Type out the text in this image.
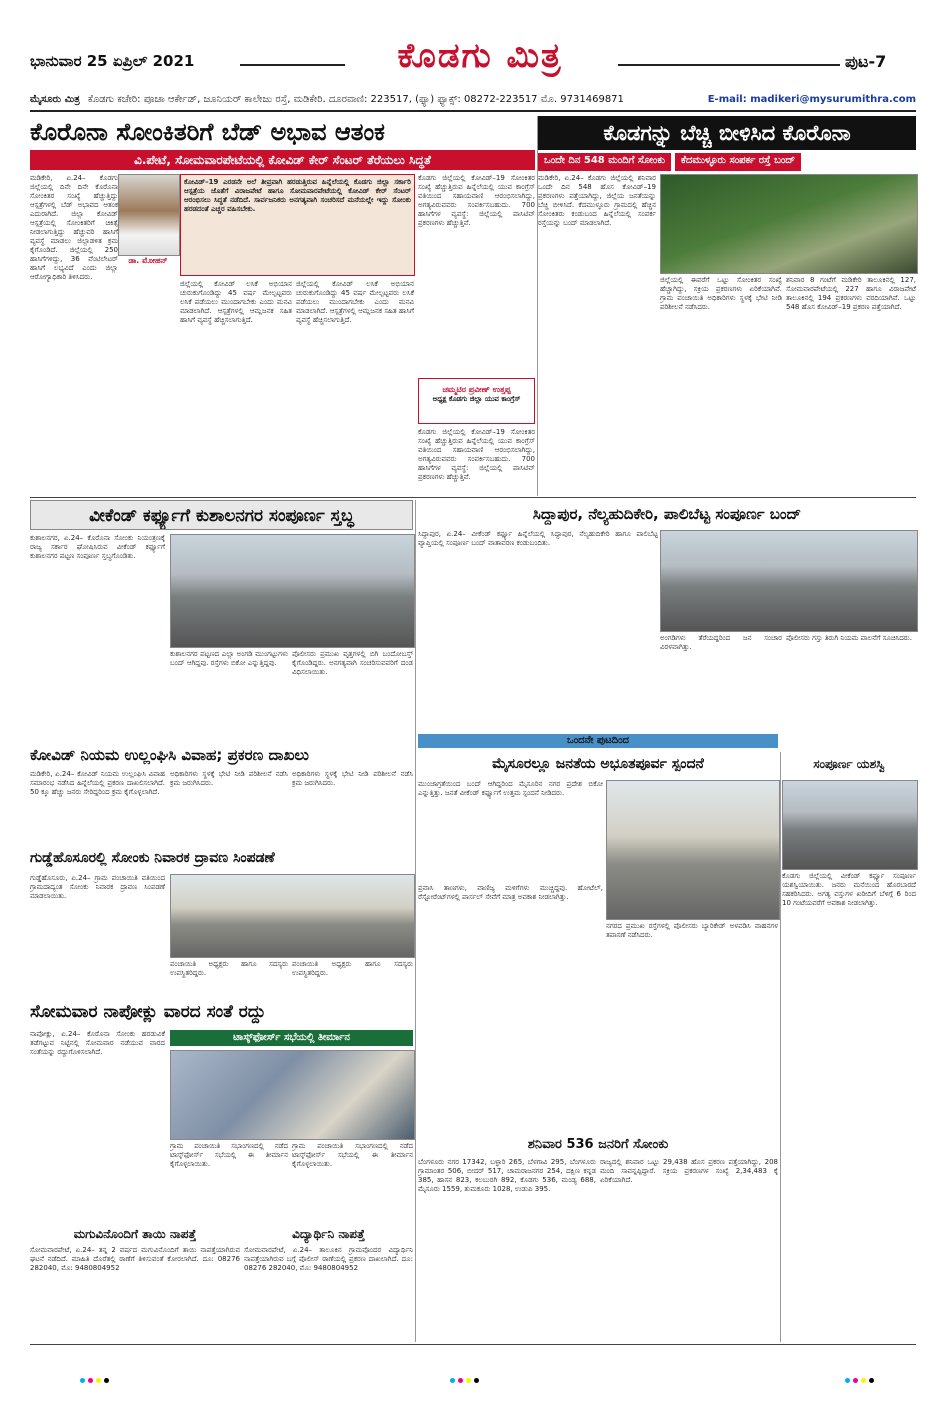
ಭಾನುವಾರ 25 ಏಪ್ರಿಲ್ 2021	ಕೊಡಗು ಮಿತ್ರ	ಪುಟ-7
ಮೈಸೂರು ಮಿತ್ರ ಕೊಡಗು ಕಚೇರಿ: ಪೂಜಾ ಆರ್ಕೇಡ್, ಜೂನಿಯರ್ ಕಾಲೇಜು ರಸ್ತೆ, ಮಡಿಕೇರಿ. ದೂರವಾಣಿ: 223517, (ಫ್ಯಾ) ಫ್ಯಾಕ್ಸ್: 08272-223517 ಮೊ. 9731469871	E-mail: madikeri@mysurumithra.com
ಕೊರೊನಾ ಸೋಂಕಿತರಿಗೆ ಬೆಡ್ ಅಭಾವ ಆತಂಕ
ವಿ.ಪೇಟೆ, ಸೋಮವಾರಪೇಟೆಯಲ್ಲಿ ಕೋವಿಡ್ ಕೇರ್ ಸೆಂಟರ್ ತೆರೆಯಲು ಸಿದ್ಧತೆ
ಮಡಿಕೇರಿ, ಏ.24– ಕೊಡಗು ಜಿಲ್ಲೆಯಲ್ಲಿ ದಿನೇ ದಿನೇ ಕೊರೊನಾ ಸೋಂಕಿತರ ಸಂಖ್ಯೆ ಹೆಚ್ಚುತ್ತಿದ್ದು ಆಸ್ಪತ್ರೆಗಳಲ್ಲಿ ಬೆಡ್ ಅಭಾವದ ಆತಂಕ ಎದುರಾಗಿದೆ. ಜಿಲ್ಲಾ ಕೋವಿಡ್ ಆಸ್ಪತ್ರೆಯಲ್ಲಿ ಸೋಂಕಿತರಿಗೆ ಚಿಕಿತ್ಸೆ ನೀಡಲಾಗುತ್ತಿದ್ದು ಹೆಚ್ಚುವರಿ ಹಾಸಿಗೆ ವ್ಯವಸ್ಥೆ ಮಾಡಲು ಜಿಲ್ಲಾಡಳಿತ ಕ್ರಮ ಕೈಗೊಂಡಿದೆ. ಜಿಲ್ಲೆಯಲ್ಲಿ 250 ಹಾಸಿಗೆಗಳಿದ್ದು, 36 ವೆಂಟಿಲೇಟರ್ ಹಾಸಿಗೆ ಲಭ್ಯವಿದೆ ಎಂದು ಜಿಲ್ಲಾ ಆರೋಗ್ಯಾಧಿಕಾರಿ ತಿಳಿಸಿದರು.
ಡಾ. ಮೋಹನ್
ಕೋವಿಡ್–19 ಎರಡನೇ ಅಲೆ ತೀವ್ರವಾಗಿ ಹರಡುತ್ತಿರುವ ಹಿನ್ನೆಲೆಯಲ್ಲಿ ಕೊಡಗು ಜಿಲ್ಲಾ ಸರ್ಕಾರಿ ಆಸ್ಪತ್ರೆಯ ಜೊತೆಗೆ ವಿರಾಜಪೇಟೆ ಹಾಗೂ ಸೋಮವಾರಪೇಟೆಯಲ್ಲಿ ಕೋವಿಡ್ ಕೇರ್ ಸೆಂಟರ್ ಆರಂಭಿಸಲು ಸಿದ್ಧತೆ ನಡೆದಿದೆ. ಸಾರ್ವಜನಿಕರು ಅನಗತ್ಯವಾಗಿ ಸಂಚರಿಸದೆ ಮನೆಯಲ್ಲೇ ಇದ್ದು ಸೋಂಕು ಹರಡದಂತೆ ಎಚ್ಚರ ವಹಿಸಬೇಕು.
ಜಿಲ್ಲೆಯಲ್ಲಿ ಕೋವಿಡ್ ಲಸಿಕೆ ಅಭಿಯಾನ ಚುರುಕುಗೊಂಡಿದ್ದು 45 ವರ್ಷ ಮೇಲ್ಪಟ್ಟವರು ಲಸಿಕೆ ಪಡೆಯಲು ಮುಂದಾಗಬೇಕು ಎಂದು ಮನವಿ ಮಾಡಲಾಗಿದೆ. ಆಸ್ಪತ್ರೆಗಳಲ್ಲಿ ಆಮ್ಲಜನಕ ಸಹಿತ ಹಾಸಿಗೆ ವ್ಯವಸ್ಥೆ ಹೆಚ್ಚಿಸಲಾಗುತ್ತಿದೆ.
ಜಿಲ್ಲೆಯಲ್ಲಿ ಕೋವಿಡ್ ಲಸಿಕೆ ಅಭಿಯಾನ ಚುರುಕುಗೊಂಡಿದ್ದು 45 ವರ್ಷ ಮೇಲ್ಪಟ್ಟವರು ಲಸಿಕೆ ಪಡೆಯಲು ಮುಂದಾಗಬೇಕು ಎಂದು ಮನವಿ ಮಾಡಲಾಗಿದೆ. ಆಸ್ಪತ್ರೆಗಳಲ್ಲಿ ಆಮ್ಲಜನಕ ಸಹಿತ ಹಾಸಿಗೆ ವ್ಯವಸ್ಥೆ ಹೆಚ್ಚಿಸಲಾಗುತ್ತಿದೆ.
ಕೊಡಗು ಜಿಲ್ಲೆಯಲ್ಲಿ ಕೋವಿಡ್–19 ಸೋಂಕಿತರ ಸಂಖ್ಯೆ ಹೆಚ್ಚುತ್ತಿರುವ ಹಿನ್ನೆಲೆಯಲ್ಲಿ ಯುವ ಕಾಂಗ್ರೆಸ್ ವತಿಯಿಂದ ಸಹಾಯವಾಣಿ ಆರಂಭಿಸಲಾಗಿದ್ದು, ಅಗತ್ಯವಿರುವವರು ಸಂಪರ್ಕಿಸಬಹುದು. 700 ಹಾಸಿಗೆಗಳ ವ್ಯವಸ್ಥೆ: ಜಿಲ್ಲೆಯಲ್ಲಿ ಪಾಸಿಟಿವ್ ಪ್ರಕರಣಗಳು ಹೆಚ್ಚುತ್ತಿವೆ.
ಚಮ್ಮಟಿರ ಪ್ರವೀಣ್ ಉತ್ತಪ್ಪ
ಅಧ್ಯಕ್ಷ ಕೊಡಗು ಜಿಲ್ಲಾ ಯುವ ಕಾಂಗ್ರೆಸ್
ಕೊಡಗು ಜಿಲ್ಲೆಯಲ್ಲಿ ಕೋವಿಡ್–19 ಸೋಂಕಿತರ ಸಂಖ್ಯೆ ಹೆಚ್ಚುತ್ತಿರುವ ಹಿನ್ನೆಲೆಯಲ್ಲಿ ಯುವ ಕಾಂಗ್ರೆಸ್ ವತಿಯಿಂದ ಸಹಾಯವಾಣಿ ಆರಂಭಿಸಲಾಗಿದ್ದು, ಅಗತ್ಯವಿರುವವರು ಸಂಪರ್ಕಿಸಬಹುದು. 700 ಹಾಸಿಗೆಗಳ ವ್ಯವಸ್ಥೆ: ಜಿಲ್ಲೆಯಲ್ಲಿ ಪಾಸಿಟಿವ್ ಪ್ರಕರಣಗಳು ಹೆಚ್ಚುತ್ತಿವೆ.
ಕೊಡಗನ್ನು ಬೆಚ್ಚಿ ಬೀಳಿಸಿದ ಕೊರೊನಾ
ಒಂದೇ ದಿನ 548 ಮಂದಿಗೆ ಸೋಂಕು	ಕೆದಮುಳ್ಳೂರು ಸಂಪರ್ಕ ರಸ್ತೆ ಬಂದ್
ಮಡಿಕೇರಿ, ಏ.24– ಕೊಡಗು ಜಿಲ್ಲೆಯಲ್ಲಿ ಶನಿವಾರ ಒಂದೇ ದಿನ 548 ಹೊಸ ಕೋವಿಡ್–19 ಪ್ರಕರಣಗಳು ಪತ್ತೆಯಾಗಿದ್ದು, ಜಿಲ್ಲೆಯ ಜನತೆಯನ್ನು ಬೆಚ್ಚಿ ಬೀಳಿಸಿದೆ. ಕೆದಮುಳ್ಳೂರು ಗ್ರಾಮದಲ್ಲಿ ಹೆಚ್ಚಿನ ಸೋಂಕಿತರು ಕಂಡುಬಂದ ಹಿನ್ನೆಲೆಯಲ್ಲಿ ಸಂಪರ್ಕ ರಸ್ತೆಯನ್ನು ಬಂದ್ ಮಾಡಲಾಗಿದೆ.
ಜಿಲ್ಲೆಯಲ್ಲಿ ಈವರೆಗೆ ಒಟ್ಟು ಸೋಂಕಿತರ ಸಂಖ್ಯೆ ಹೆಚ್ಚಾಗಿದ್ದು, ಸಕ್ರಿಯ ಪ್ರಕರಣಗಳು ಏರಿಕೆಯಾಗಿವೆ. ಗ್ರಾಮ ಪಂಚಾಯಿತಿ ಅಧಿಕಾರಿಗಳು ಸ್ಥಳಕ್ಕೆ ಭೇಟಿ ನೀಡಿ ಪರಿಶೀಲನೆ ನಡೆಸಿದರು.
ಶನಿವಾರ 8 ಗಂಟೆಗೆ ಮಡಿಕೇರಿ ತಾಲೂಕಿನಲ್ಲಿ 127, ಸೋಮವಾರಪೇಟೆಯಲ್ಲಿ 227 ಹಾಗೂ ವಿರಾಜಪೇಟೆ ತಾಲೂಕಿನಲ್ಲಿ 194 ಪ್ರಕರಣಗಳು ವರದಿಯಾಗಿವೆ. ಒಟ್ಟು 548 ಹೊಸ ಕೋವಿಡ್–19 ಪ್ರಕರಣ ಪತ್ತೆಯಾಗಿದೆ.
ವೀಕೆಂಡ್ ಕರ್ಫ್ಯೂಗೆ ಕುಶಾಲನಗರ ಸಂಪೂರ್ಣ ಸ್ತಬ್ಧ
ಕುಶಾಲನಗರ, ಏ.24– ಕೊರೊನಾ ಸೋಂಕು ನಿಯಂತ್ರಣಕ್ಕೆ ರಾಜ್ಯ ಸರ್ಕಾರ ಘೋಷಿಸಿರುವ ವೀಕೆಂಡ್ ಕರ್ಫ್ಯೂಗೆ ಕುಶಾಲನಗರ ಪಟ್ಟಣ ಸಂಪೂರ್ಣ ಸ್ತಬ್ಧಗೊಂಡಿತು.
ಕುಶಾಲನಗರ ಪಟ್ಟಣದ ಎಲ್ಲಾ ಅಂಗಡಿ ಮುಂಗಟ್ಟುಗಳು ಬಂದ್ ಆಗಿದ್ದವು. ರಸ್ತೆಗಳು ಬಿಕೋ ಎನ್ನುತ್ತಿದ್ದವು.
ಪೊಲೀಸರು ಪ್ರಮುಖ ವೃತ್ತಗಳಲ್ಲಿ ಬಿಗಿ ಬಂದೋಬಸ್ತ್ ಕೈಗೊಂಡಿದ್ದರು. ಅನಗತ್ಯವಾಗಿ ಸಂಚರಿಸುವವರಿಗೆ ದಂಡ ವಿಧಿಸಲಾಯಿತು.
ಸಿದ್ದಾಪುರ, ನೆಲ್ಯಹುದಿಕೇರಿ, ಪಾಲಿಬೆಟ್ಟ ಸಂಪೂರ್ಣ ಬಂದ್
ಸಿದ್ದಾಪುರ, ಏ.24– ವೀಕೆಂಡ್ ಕರ್ಫ್ಯೂ ಹಿನ್ನೆಲೆಯಲ್ಲಿ ಸಿದ್ದಾಪುರ, ನೆಲ್ಯಹುದಿಕೇರಿ ಹಾಗೂ ಪಾಲಿಬೆಟ್ಟ ವ್ಯಾಪ್ತಿಯಲ್ಲಿ ಸಂಪೂರ್ಣ ಬಂದ್ ವಾತಾವರಣ ಕಂಡುಬಂದಿತು.
ಅಂಗಡಿಗಳು ತೆರೆಯದ್ದರಿಂದ ಜನ ಸಂಚಾರ ವಿರಳವಾಗಿತ್ತು.
ಪೊಲೀಸರು ಗಸ್ತು ತಿರುಗಿ ನಿಯಮ ಪಾಲನೆಗೆ ಸೂಚಿಸಿದರು.
ಒಂದನೇ ಪುಟದಿಂದ
ಕೋವಿಡ್ ನಿಯಮ ಉಲ್ಲಂಘಿಸಿ ವಿವಾಹ; ಪ್ರಕರಣ ದಾಖಲು
ಮಡಿಕೇರಿ, ಏ.24– ಕೋವಿಡ್ ನಿಯಮ ಉಲ್ಲಂಘಿಸಿ ವಿವಾಹ ಸಮಾರಂಭ ನಡೆಸಿದ ಹಿನ್ನೆಲೆಯಲ್ಲಿ ಪ್ರಕರಣ ದಾಖಲಿಸಲಾಗಿದೆ. 50 ಕ್ಕೂ ಹೆಚ್ಚು ಜನರು ಸೇರಿದ್ದರಿಂದ ಕ್ರಮ ಕೈಗೊಳ್ಳಲಾಗಿದೆ.
ಅಧಿಕಾರಿಗಳು ಸ್ಥಳಕ್ಕೆ ಭೇಟಿ ನೀಡಿ ಪರಿಶೀಲನೆ ನಡೆಸಿ ಕ್ರಮ ಜರುಗಿಸಿದರು.
ಅಧಿಕಾರಿಗಳು ಸ್ಥಳಕ್ಕೆ ಭೇಟಿ ನೀಡಿ ಪರಿಶೀಲನೆ ನಡೆಸಿ ಕ್ರಮ ಜರುಗಿಸಿದರು.
ಗುಡ್ಡೆಹೊಸೂರಲ್ಲಿ ಸೋಂಕು ನಿವಾರಕ ದ್ರಾವಣ ಸಿಂಪಡಣೆ
ಗುಡ್ಡೆಹೊಸೂರು, ಏ.24– ಗ್ರಾಮ ಪಂಚಾಯಿತಿ ವತಿಯಿಂದ ಗ್ರಾಮದಾದ್ಯಂತ ಸೋಂಕು ನಿವಾರಕ ದ್ರಾವಣ ಸಿಂಪಡಣೆ ಮಾಡಲಾಯಿತು.
ಪಂಚಾಯಿತಿ ಅಧ್ಯಕ್ಷರು ಹಾಗೂ ಸದಸ್ಯರು ಉಪಸ್ಥಿತರಿದ್ದರು.
ಪಂಚಾಯಿತಿ ಅಧ್ಯಕ್ಷರು ಹಾಗೂ ಸದಸ್ಯರು ಉಪಸ್ಥಿತರಿದ್ದರು.
ಸೋಮವಾರ ನಾಪೋಕ್ಲು ವಾರದ ಸಂತೆ ರದ್ದು
ಟಾಸ್ಕ್‌ಫೋರ್ಸ್ ಸಭೆಯಲ್ಲಿ ತೀರ್ಮಾನ
ನಾಪೋಕ್ಲು, ಏ.24– ಕೊರೊನಾ ಸೋಂಕು ಹರಡುವಿಕೆ ತಡೆಗಟ್ಟುವ ನಿಟ್ಟಿನಲ್ಲಿ ಸೋಮವಾರ ನಡೆಯುವ ವಾರದ ಸಂತೆಯನ್ನು ರದ್ದುಗೊಳಿಸಲಾಗಿದೆ.
ಗ್ರಾಮ ಪಂಚಾಯಿತಿ ಸಭಾಂಗಣದಲ್ಲಿ ನಡೆದ ಟಾಸ್ಕ್‌ಫೋರ್ಸ್ ಸಭೆಯಲ್ಲಿ ಈ ತೀರ್ಮಾನ ಕೈಗೊಳ್ಳಲಾಯಿತು.
ಗ್ರಾಮ ಪಂಚಾಯಿತಿ ಸಭಾಂಗಣದಲ್ಲಿ ನಡೆದ ಟಾಸ್ಕ್‌ಫೋರ್ಸ್ ಸಭೆಯಲ್ಲಿ ಈ ತೀರ್ಮಾನ ಕೈಗೊಳ್ಳಲಾಯಿತು.
ಮೈಸೂರಲ್ಲೂ ಜನತೆಯ ಅಭೂತಪೂರ್ವ ಸ್ಪಂದನೆ
ಮುಂಜಾಗ್ರತೆಯಿಂದ ಬಂದ್ ಆಗಿದ್ದರಿಂದ ಮೈಸೂರಿನ ನಗರ ಪ್ರದೇಶ ಬಿಕೋ ಎನ್ನುತ್ತಿತ್ತು. ಜನತೆ ವೀಕೆಂಡ್ ಕರ್ಫ್ಯೂಗೆ ಉತ್ತಮ ಸ್ಪಂದನೆ ನೀಡಿದರು.
ಪ್ರವಾಸಿ ತಾಣಗಳು, ವಾಣಿಜ್ಯ ಮಳಿಗೆಗಳು ಮುಚ್ಚಿದ್ದವು. ಹೋಟೆಲ್, ರೆಸ್ಟೋರೆಂಟ್‌ಗಳಲ್ಲಿ ಪಾರ್ಸಲ್ ಸೇವೆಗೆ ಮಾತ್ರ ಅವಕಾಶ ನೀಡಲಾಗಿತ್ತು.
ನಗರದ ಪ್ರಮುಖ ರಸ್ತೆಗಳಲ್ಲಿ ಪೊಲೀಸರು ಬ್ಯಾರಿಕೇಡ್ ಅಳವಡಿಸಿ ವಾಹನಗಳ ತಪಾಸಣೆ ನಡೆಸಿದರು.
ಸಂಪೂರ್ಣ ಯಶಸ್ವಿ
ಕೊಡಗು ಜಿಲ್ಲೆಯಲ್ಲಿ ವೀಕೆಂಡ್ ಕರ್ಫ್ಯೂ ಸಂಪೂರ್ಣ ಯಶಸ್ವಿಯಾಯಿತು. ಜನರು ಮನೆಯಿಂದ ಹೊರಬಾರದೆ ಸಹಕರಿಸಿದರು. ಅಗತ್ಯ ವಸ್ತುಗಳ ಖರೀದಿಗೆ ಬೆಳಿಗ್ಗೆ 6 ರಿಂದ 10 ಗಂಟೆಯವರೆಗೆ ಅವಕಾಶ ನೀಡಲಾಗಿತ್ತು.
ಶನಿವಾರ 536 ಜನರಿಗೆ ಸೋಂಕು
ಬೆಂಗಳೂರು ನಗರ 17342, ಬಳ್ಳಾರಿ 265, ಬೆಳಗಾವಿ 295, ಬೆಂಗಳೂರು ಗ್ರಾಮಾಂತರ 506, ಬೀದರ್ 517, ಚಾಮರಾಜನಗರ 254, ದಕ್ಷಿಣ ಕನ್ನಡ 385, ಹಾಸನ 823, ಕಲಬುರಗಿ 892, ಕೊಡಗು 536, ಮಂಡ್ಯ 688, ಮೈಸೂರು 1559, ತುಮಕೂರು 1028, ಉಡುಪಿ 395.
ರಾಜ್ಯದಲ್ಲಿ ಶನಿವಾರ ಒಟ್ಟು 29,438 ಹೊಸ ಪ್ರಕರಣ ಪತ್ತೆಯಾಗಿದ್ದು, 208 ಮಂದಿ ಸಾವನ್ನಪ್ಪಿದ್ದಾರೆ. ಸಕ್ರಿಯ ಪ್ರಕರಣಗಳ ಸಂಖ್ಯೆ 2,34,483 ಕ್ಕೆ ಏರಿಕೆಯಾಗಿದೆ.
ಮಗುವಿನೊಂದಿಗೆ ತಾಯಿ ನಾಪತ್ತೆ
ಸೋಮವಾರಪೇಟೆ, ಏ.24– ತನ್ನ 2 ವರ್ಷದ ಮಗುವಿನೊಂದಿಗೆ ತಾಯಿ ನಾಪತ್ತೆಯಾಗಿರುವ ಘಟನೆ ನಡೆದಿದೆ. ಮಾಹಿತಿ ದೊರೆತಲ್ಲಿ ಠಾಣೆಗೆ ತಿಳಿಸುವಂತೆ ಕೋರಲಾಗಿದೆ. ದೂ: 08276 282040, ಮೊ: 9480804952
ವಿದ್ಯಾರ್ಥಿನಿ ನಾಪತ್ತೆ
ಸೋಮವಾರಪೇಟೆ, ಏ.24– ತಾಲೂಕಿನ ಗ್ರಾಮವೊಂದರ ವಿದ್ಯಾರ್ಥಿನಿ ನಾಪತ್ತೆಯಾಗಿರುವ ಬಗ್ಗೆ ಪೊಲೀಸ್ ಠಾಣೆಯಲ್ಲಿ ಪ್ರಕರಣ ದಾಖಲಾಗಿದೆ. ದೂ: 08276 282040, ಮೊ: 9480804952
